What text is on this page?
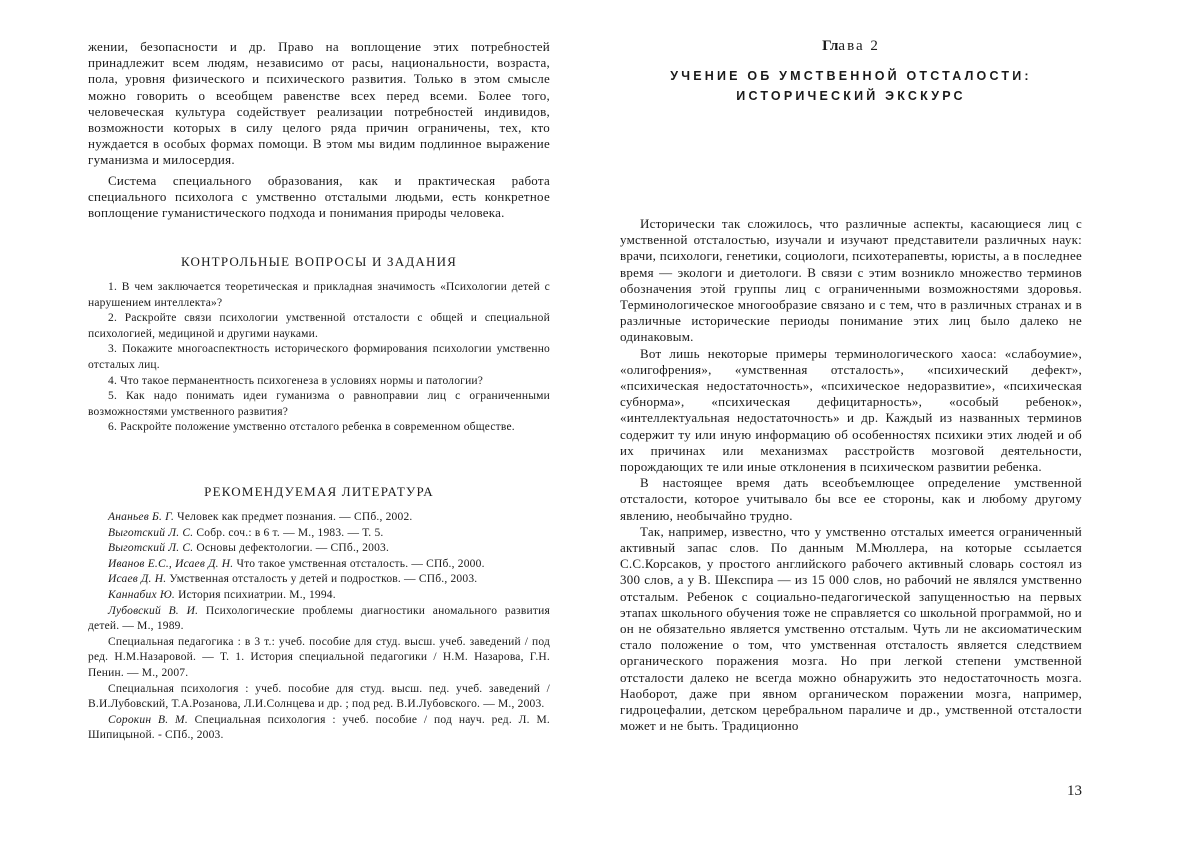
жении, безопасности и др. Право на воплощение этих потребностей принадлежит всем людям, независимо от расы, национальности, возраста, пола, уровня физического и психического развития. Только в этом смысле можно говорить о всеобщем равенстве всех перед всеми. Более того, человеческая культура содействует реализации потребностей индивидов, возможности которых в силу целого ряда причин ограничены, тех, кто нуждается в особых формах помощи. В этом мы видим подлинное выражение гуманизма и милосердия.

Система специального образования, как и практическая работа специального психолога с умственно отсталыми людьми, есть конкретное воплощение гуманистического подхода и понимания природы человека.

КОНТРОЛЬНЫЕ ВОПРОСЫ И ЗАДАНИЯ

1. В чем заключается теоретическая и прикладная значимость «Психологии детей с нарушением интеллекта»?

2. Раскройте связи психологии умственной отсталости с общей и специальной психологией, медициной и другими науками.

3. Покажите многоаспектность исторического формирования психологии умственно отсталых лиц.

4. Что такое перманентность психогенеза в условиях нормы и патологии?

5. Как надо понимать идеи гуманизма о равноправии лиц с ограниченными возможностями умственного развития?

6. Раскройте положение умственно отсталого ребенка в современном обществе.

РЕКОМЕНДУЕМАЯ ЛИТЕРАТУРА

Ананьев Б. Г. Человек как предмет познания. — СПб., 2002.

Выготский Л. С. Собр. соч.: в 6 т. — М., 1983. — Т. 5.

Выготский Л. С. Основы дефектологии. — СПб., 2003.

Иванов Е.С., Исаев Д. Н. Что такое умственная отсталость. — СПб., 2000.

Исаев Д. Н. Умственная отсталость у детей и подростков. — СПб., 2003.

Каннабих Ю. История психиатрии. М., 1994.

Лубовский В. И. Психологические проблемы диагностики аномального развития детей. — М., 1989.

Специальная педагогика : в 3 т.: учеб. пособие для студ. высш. учеб. заведений / под ред. Н.М.Назаровой. — Т. 1. История специальной педагогики / Н.М. Назарова, Г.Н. Пенин. — М., 2007.

Специальная психология : учеб. пособие для студ. высш. пед. учеб. заведений / В.И.Лубовский, Т.А.Розанова, Л.И.Солнцева и др. ; под ред. В.И.Лубовского. — М., 2003.

Сорокин В. М. Специальная психология : учеб. пособие / под науч. ред. Л. М. Шипицыной. - СПб., 2003.

Глава 2

УЧЕНИЕ ОБ УМСТВЕННОЙ ОТСТАЛОСТИ:

ИСТОРИЧЕСКИЙ ЭКСКУРС

Исторически так сложилось, что различные аспекты, касающиеся лиц с умственной отсталостью, изучали и изучают представители различных наук: врачи, психологи, генетики, социологи, психотерапевты, юристы, а в последнее время — экологи и диетологи. В связи с этим возникло множество терминов обозначения этой группы лиц с ограниченными возможностями здоровья. Терминологическое многообразие связано и с тем, что в различных странах и в различные исторические периоды понимание этих лиц было далеко не одинаковым.

Вот лишь некоторые примеры терминологического хаоса: «слабоумие», «олигофрения», «умственная отсталость», «психический дефект», «психическая недостаточность», «психическое недоразвитие», «психическая субнорма», «психическая дефицитарность», «особый ребенок», «интеллектуальная недостаточность» и др. Каждый из названных терминов содержит ту или иную информацию об особенностях психики этих людей и об их причинах или механизмах расстройств мозговой деятельности, порождающих те или иные отклонения в психическом развитии ребенка.

В настоящее время дать всеобъемлющее определение умственной отсталости, которое учитывало бы все ее стороны, как и любому другому явлению, необычайно трудно.

Так, например, известно, что у умственно отсталых имеется ограниченный активный запас слов. По данным М.Мюллера, на которые ссылается С.С.Корсаков, у простого английского рабочего активный словарь состоял из 300 слов, а у В. Шекспира — из 15 000 слов, но рабочий не являлся умственно отсталым. Ребенок с социально-педагогической запущенностью на первых этапах школьного обучения тоже не справляется со школьной программой, но и он не обязательно является умственно отсталым. Чуть ли не аксиоматическим стало положение о том, что умственная отсталость является следствием органического поражения мозга. Но при легкой степени умственной отсталости далеко не всегда можно обнаружить это недостаточность мозга. Наоборот, даже при явном органическом поражении мозга, например, гидроцефалии, детском церебральном параличе и др., умственной отсталости может и не быть. Традиционно

13
